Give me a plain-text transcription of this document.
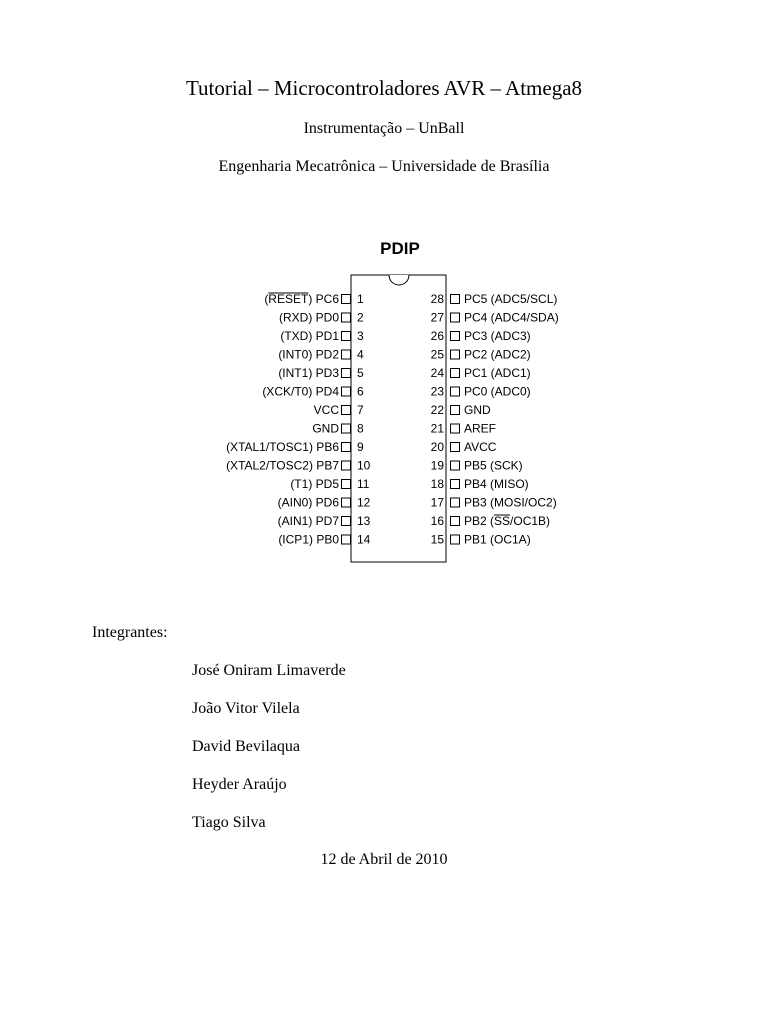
Tutorial – Microcontroladores AVR – Atmega8
Instrumentação – UnBall
Engenharia Mecatrônica – Universidade de Brasília
PDIP
(RESET) PC6 1
(RXD) PD0 2
(TXD) PD1 3
(INT0) PD2 4
(INT1) PD3 5
(XCK/T0) PD4 6
VCC 7
GND 8
(XTAL1/TOSC1) PB6 9
(XTAL2/TOSC2) PB7 10
(T1) PD5 11
(AIN0) PD6 12
(AIN1) PD7 13
(ICP1) PB0 14
28 PC5 (ADC5/SCL)
27 PC4 (ADC4/SDA)
26 PC3 (ADC3)
25 PC2 (ADC2)
24 PC1 (ADC1)
23 PC0 (ADC0)
22 GND
21 AREF
20 AVCC
19 PB5 (SCK)
18 PB4 (MISO)
17 PB3 (MOSI/OC2)
16 PB2 (SS/OC1B)
15 PB1 (OC1A)
Integrantes:
José Oniram Limaverde
João Vitor Vilela
David Bevilaqua
Heyder Araújo
Tiago Silva
12 de Abril de 2010
